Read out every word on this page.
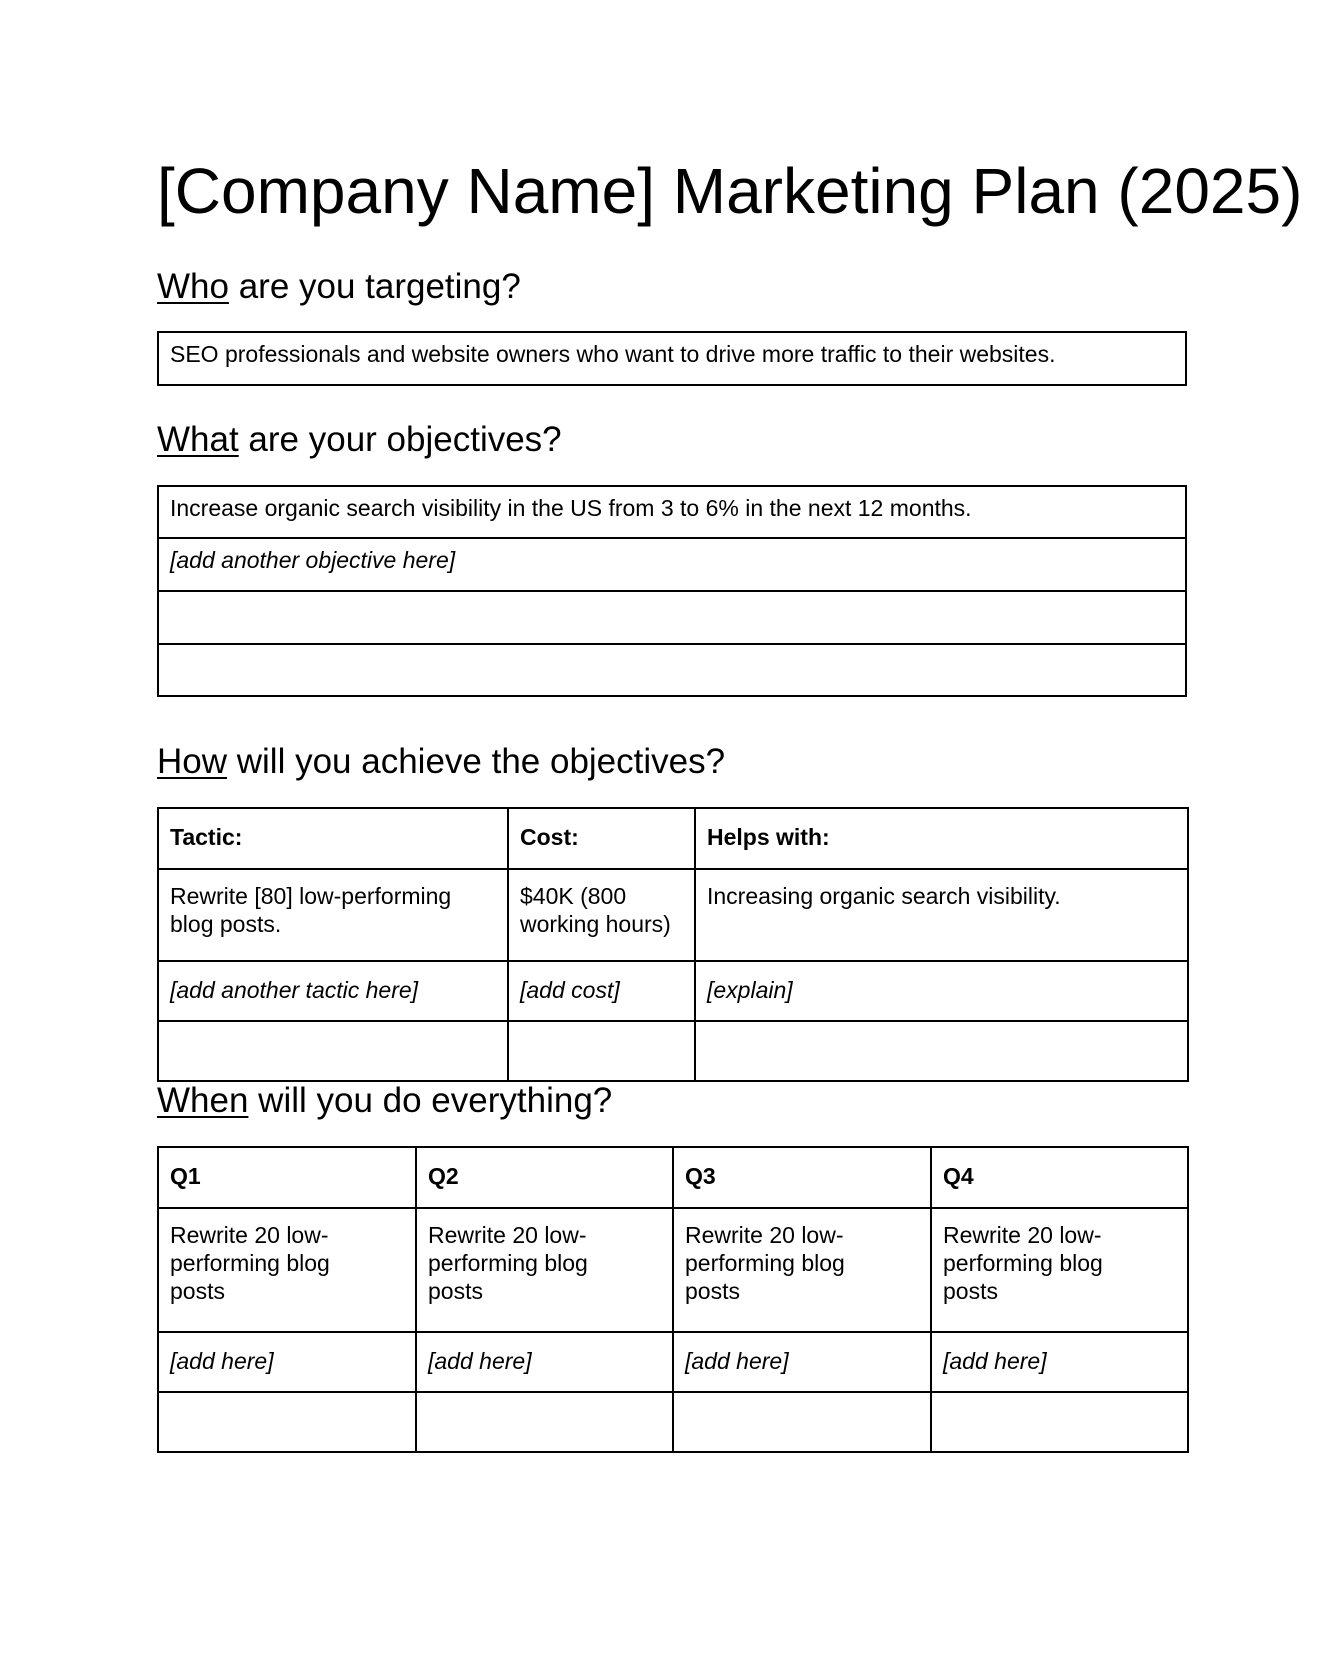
[Company Name] Marketing Plan (2025)
Who are you targeting?
SEO professionals and website owners who want to drive more traffic to their websites.
What are your objectives?
Increase organic search visibility in the US from 3 to 6% in the next 12 months.
[add another objective here]

How will you achieve the objectives?
Tactic:	Cost:	Helps with:
Rewrite [80] low-performing blog posts.	$40K (800 working hours)	Increasing organic search visibility.
[add another tactic here]	[add cost]	[explain]

When will you do everything?
Q1	Q2	Q3	Q4
Rewrite 20 low-performing blog posts	Rewrite 20 low-performing blog posts	Rewrite 20 low-performing blog posts	Rewrite 20 low-performing blog posts
[add here]	[add here]	[add here]	[add here]
